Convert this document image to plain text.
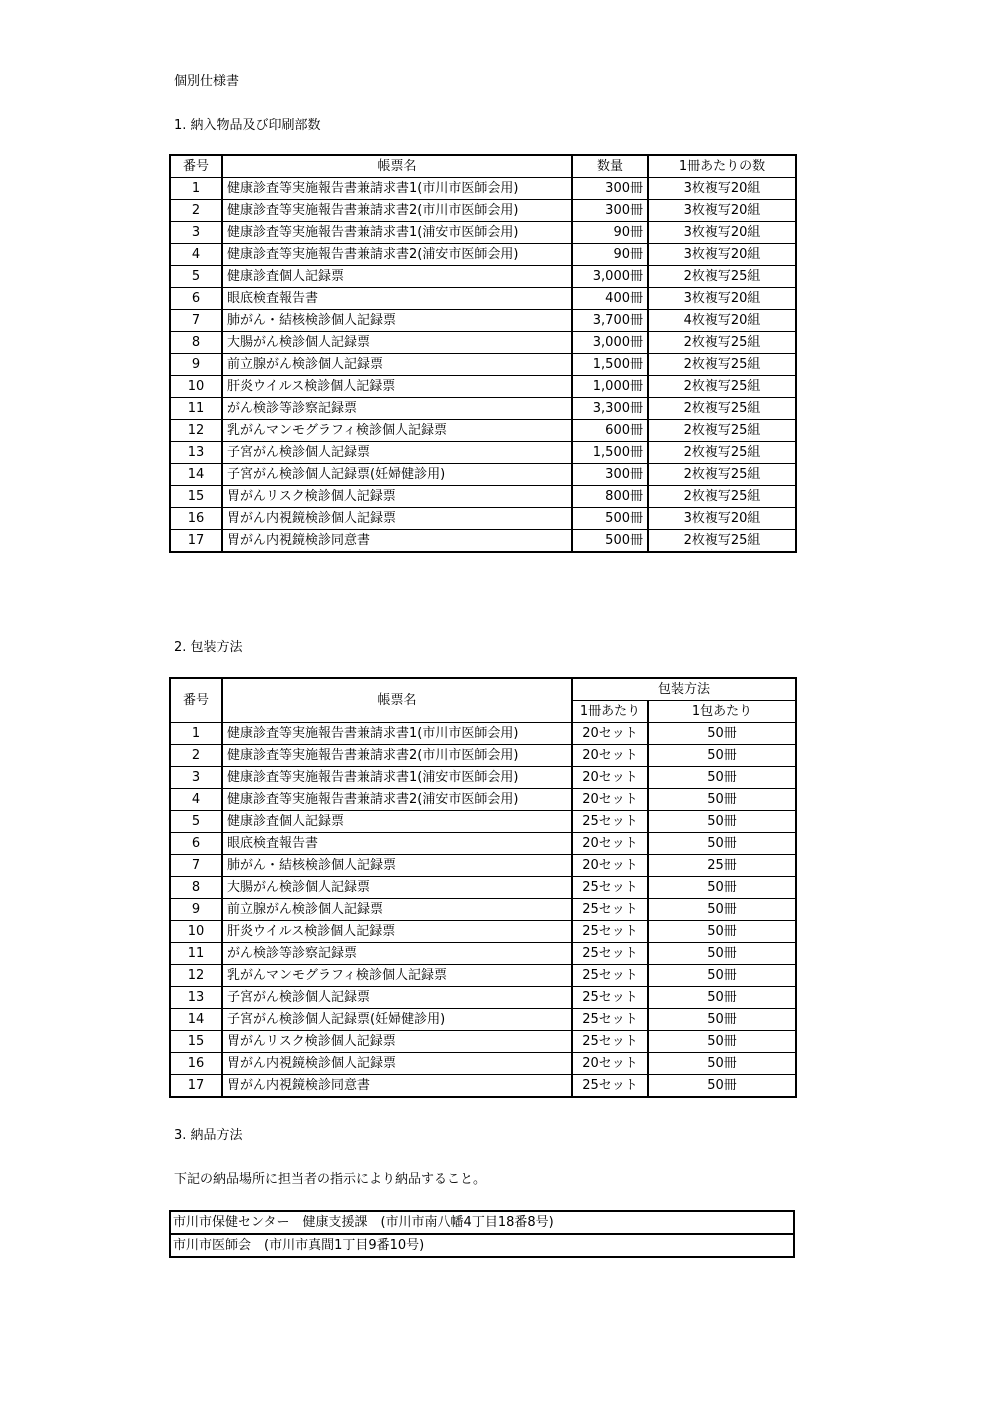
個別仕様書
1. 納入物品及び印刷部数
番号	帳票名	数量	1冊あたりの数
1	健康診査等実施報告書兼請求書1(市川市医師会用)	300冊	3枚複写20組
2	健康診査等実施報告書兼請求書2(市川市医師会用)	300冊	3枚複写20組
3	健康診査等実施報告書兼請求書1(浦安市医師会用)	90冊	3枚複写20組
4	健康診査等実施報告書兼請求書2(浦安市医師会用)	90冊	3枚複写20組
5	健康診査個人記録票	3,000冊	2枚複写25組
6	眼底検査報告書	400冊	3枚複写20組
7	肺がん・結核検診個人記録票	3,700冊	4枚複写20組
8	大腸がん検診個人記録票	3,000冊	2枚複写25組
9	前立腺がん検診個人記録票	1,500冊	2枚複写25組
10	肝炎ウイルス検診個人記録票	1,000冊	2枚複写25組
11	がん検診等診察記録票	3,300冊	2枚複写25組
12	乳がんマンモグラフィ検診個人記録票	600冊	2枚複写25組
13	子宮がん検診個人記録票	1,500冊	2枚複写25組
14	子宮がん検診個人記録票(妊婦健診用)	300冊	2枚複写25組
15	胃がんリスク検診個人記録票	800冊	2枚複写25組
16	胃がん内視鏡検診個人記録票	500冊	3枚複写20組
17	胃がん内視鏡検診同意書	500冊	2枚複写25組
2. 包装方法
番号	帳票名	包装方法	
		1冊あたり	1包あたり
1	健康診査等実施報告書兼請求書1(市川市医師会用)	20セット	50冊
2	健康診査等実施報告書兼請求書2(市川市医師会用)	20セット	50冊
3	健康診査等実施報告書兼請求書1(浦安市医師会用)	20セット	50冊
4	健康診査等実施報告書兼請求書2(浦安市医師会用)	20セット	50冊
5	健康診査個人記録票	25セット	50冊
6	眼底検査報告書	20セット	50冊
7	肺がん・結核検診個人記録票	20セット	25冊
8	大腸がん検診個人記録票	25セット	50冊
9	前立腺がん検診個人記録票	25セット	50冊
10	肝炎ウイルス検診個人記録票	25セット	50冊
11	がん検診等診察記録票	25セット	50冊
12	乳がんマンモグラフィ検診個人記録票	25セット	50冊
13	子宮がん検診個人記録票	25セット	50冊
14	子宮がん検診個人記録票(妊婦健診用)	25セット	50冊
15	胃がんリスク検診個人記録票	25セット	50冊
16	胃がん内視鏡検診個人記録票	20セット	50冊
17	胃がん内視鏡検診同意書	25セット	50冊
3. 納品方法
下記の納品場所に担当者の指示により納品すること。
市川市保健センター　健康支援課　(市川市南八幡4丁目18番8号)
市川市医師会　(市川市真間1丁目9番10号)
